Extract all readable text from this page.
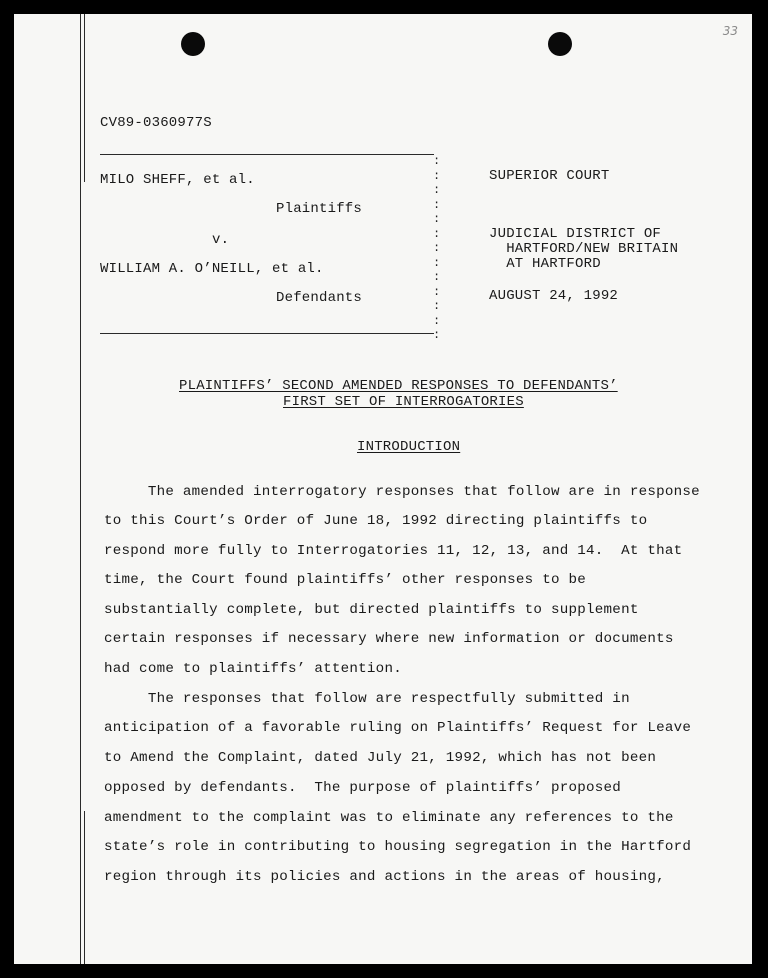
33
CV89-0360977S
:
:
:
:
:
:
:
:
:
:
:
:
:
MILO SHEFF, et al.
Plaintiffs
v.
WILLIAM A. O’NEILL, et al.
Defendants
SUPERIOR COURT
JUDICIAL DISTRICT OF
HARTFORD/NEW BRITAIN
AT HARTFORD
AUGUST 24, 1992
PLAINTIFFS’ SECOND AMENDED RESPONSES TO DEFENDANTS’
FIRST SET OF INTERROGATORIES
INTRODUCTION
The amended interrogatory responses that follow are in response
to this Court’s Order of June 18, 1992 directing plaintiffs to
respond more fully to Interrogatories 11, 12, 13, and 14.  At that
time, the Court found plaintiffs’ other responses to be
substantially complete, but directed plaintiffs to supplement
certain responses if necessary where new information or documents
had come to plaintiffs’ attention.
The responses that follow are respectfully submitted in
anticipation of a favorable ruling on Plaintiffs’ Request for Leave
to Amend the Complaint, dated July 21, 1992, which has not been
opposed by defendants.  The purpose of plaintiffs’ proposed
amendment to the complaint was to eliminate any references to the
state’s role in contributing to housing segregation in the Hartford
region through its policies and actions in the areas of housing,
